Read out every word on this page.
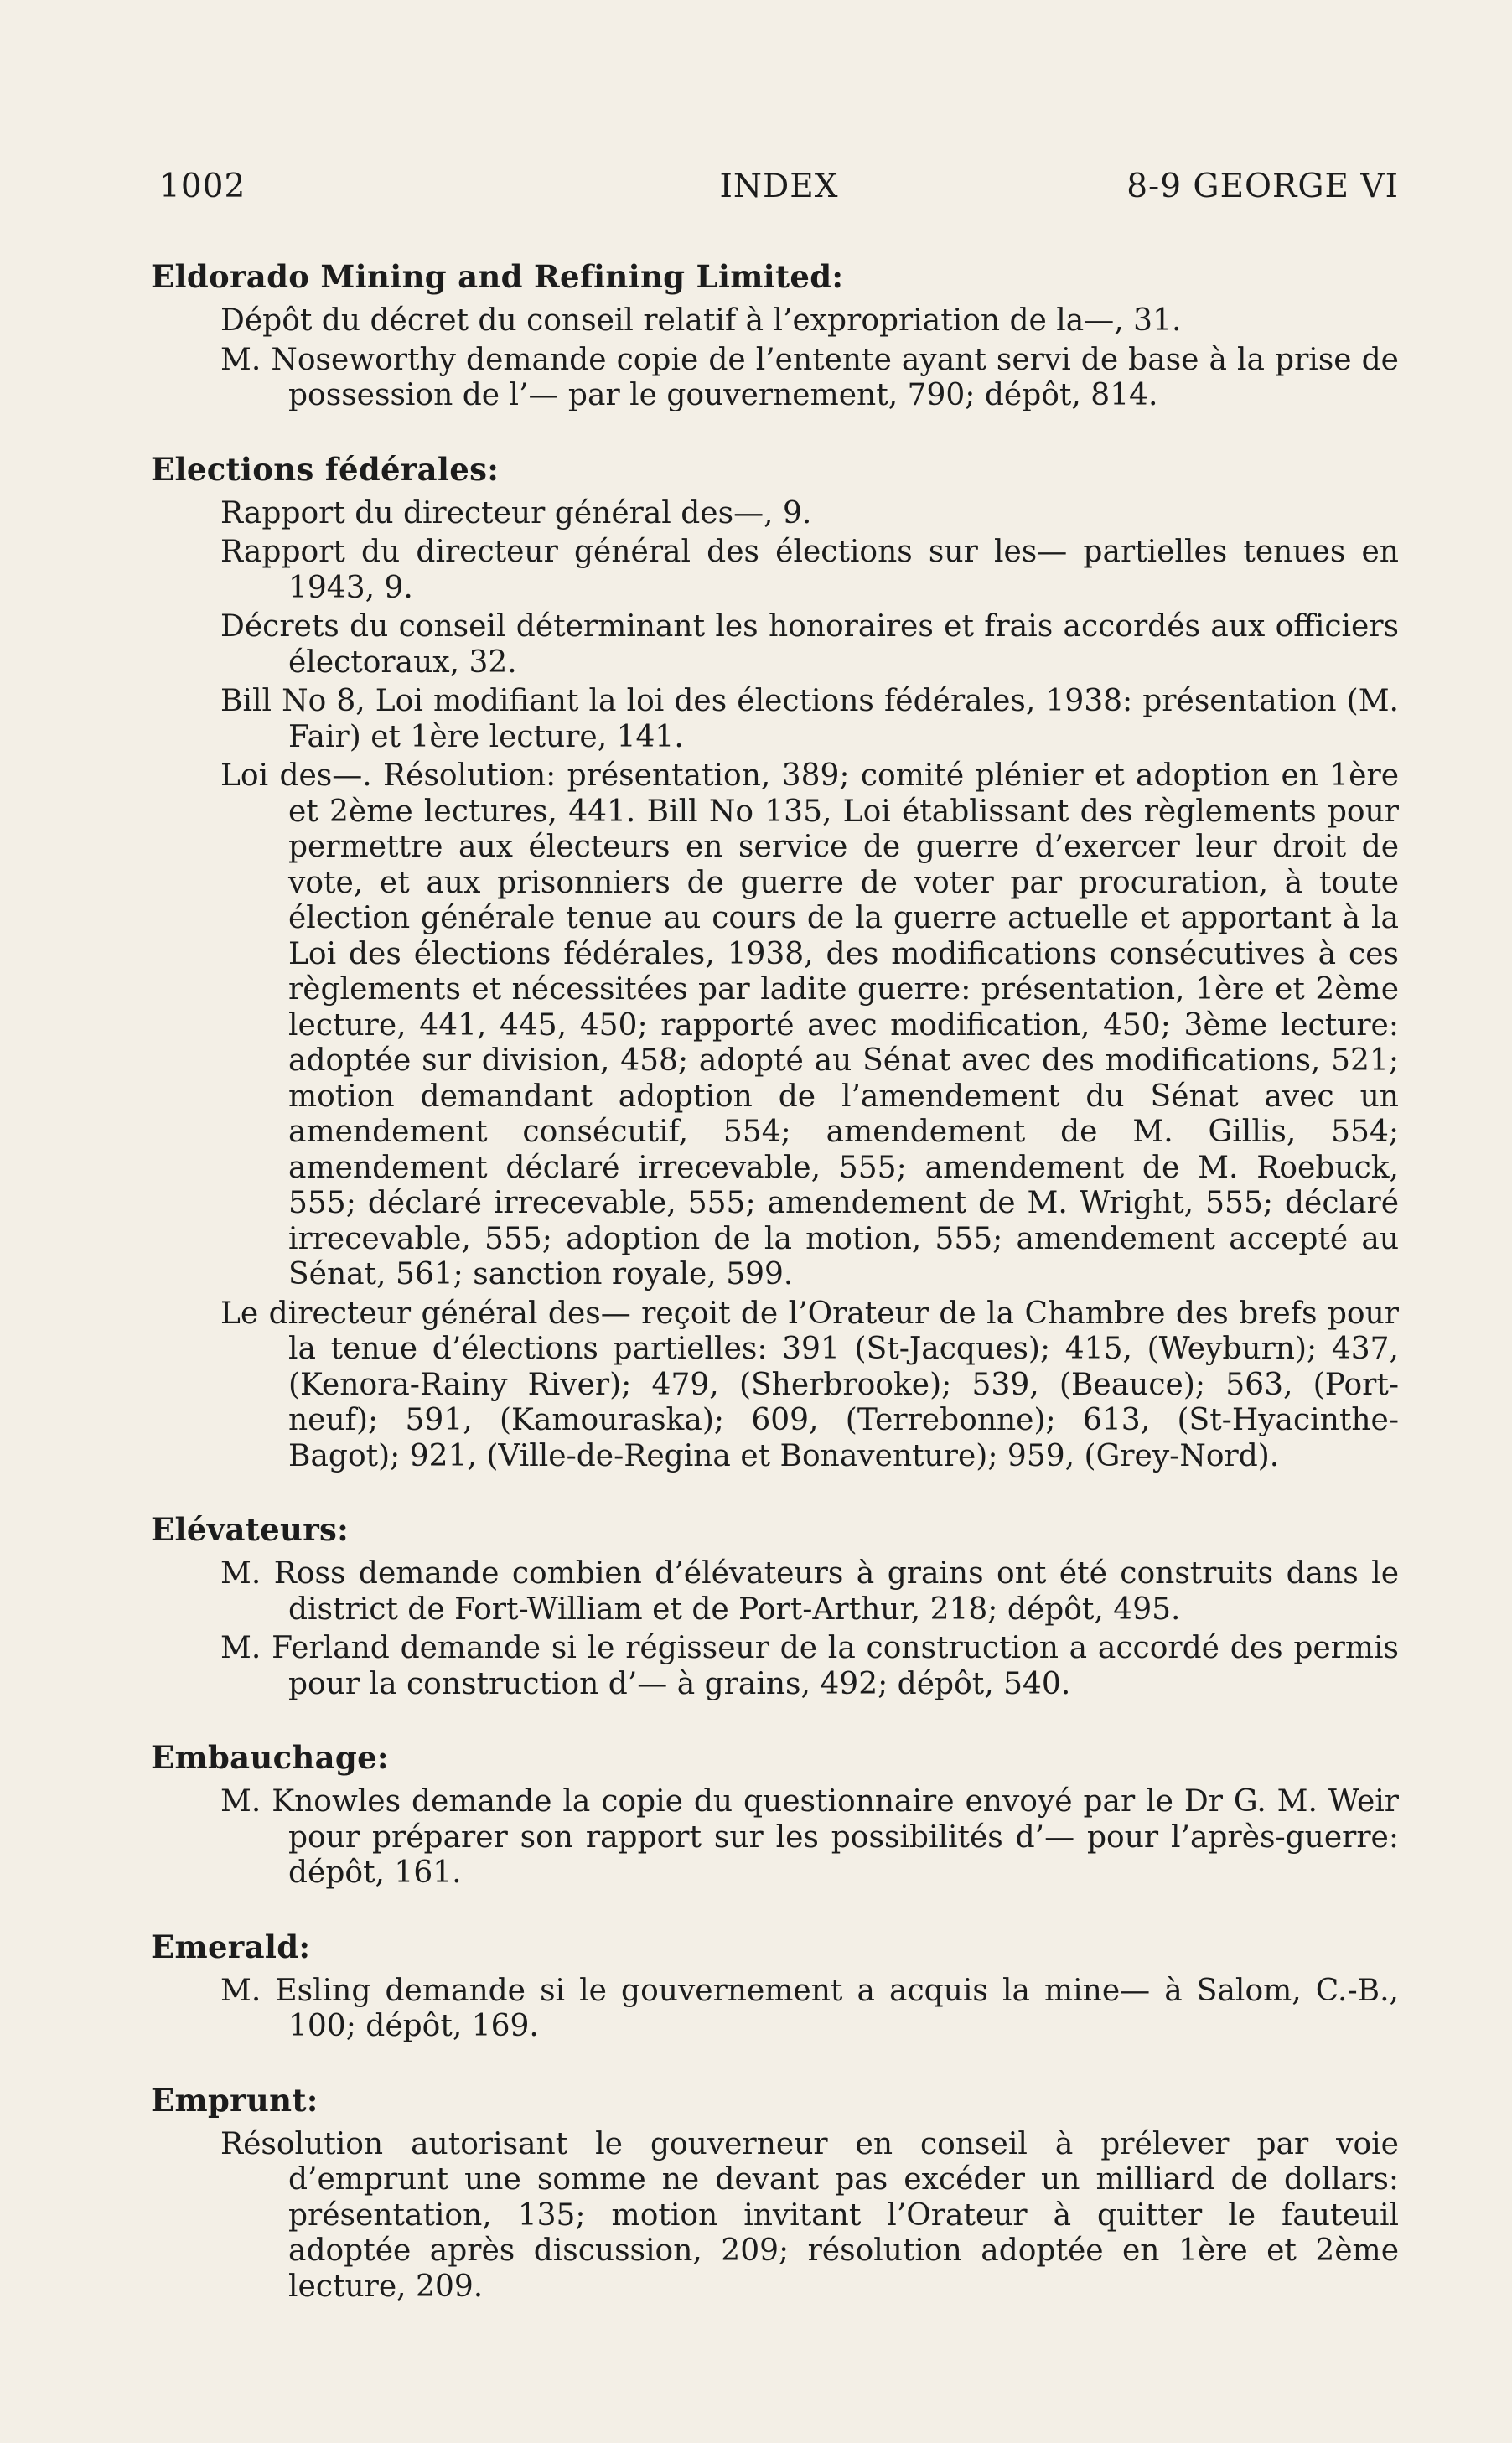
1002	INDEX	8-9 GEORGE VI
Eldorado Mining and Refining Limited:
Dépôt du décret du conseil relatif à l’expropriation de la—, 31.
M. Noseworthy demande copie de l’entente ayant servi de base à la prise de possession de l’— par le gouvernement, 790; dépôt, 814.
Elections fédérales:
Rapport du directeur général des—, 9.
Rapport du directeur général des élections sur les— partielles tenues en 1943, 9.
Décrets du conseil déterminant les honoraires et frais accordés aux officiers électoraux, 32.
Bill No 8, Loi modifiant la loi des élections fédérales, 1938: présentation (M. Fair) et 1ère lecture, 141.
Loi des—. Résolution: présentation, 389; comité plénier et adoption en 1ère et 2ème lectures, 441. Bill No 135, Loi établissant des règlements pour permettre aux électeurs en service de guerre d’exercer leur droit de vote, et aux prisonniers de guerre de voter par procuration, à toute élection générale tenue au cours de la guerre actuelle et apportant à la Loi des élections fédérales, 1938, des modifications consécutives à ces règlements et nécessitées par ladite guerre: présentation, 1ère et 2ème lecture, 441, 445, 450; rapporté avec modification, 450; 3ème lecture: adoptée sur division, 458; adopté au Sénat avec des modifications, 521; motion demandant adoption de l’amendement du Sénat avec un amendement consécutif, 554; amendement de M. Gillis, 554; amendement déclaré irrecevable, 555; amendement de M. Roebuck, 555; déclaré irrecevable, 555; amendement de M. Wright, 555; déclaré irrecevable, 555; adoption de la motion, 555; amendement accepté au Sénat, 561; sanction royale, 599.
Le directeur général des— reçoit de l’Orateur de la Chambre des brefs pour la tenue d’élections partielles: 391 (St-Jacques); 415, (Weyburn); 437, (Kenora-Rainy River); 479, (Sherbrooke); 539, (Beauce); 563, (Port-neuf); 591, (Kamouraska); 609, (Terrebonne); 613, (St-Hyacinthe-Bagot); 921, (Ville-de-Regina et Bonaventure); 959, (Grey-Nord).
Elévateurs:
M. Ross demande combien d’élévateurs à grains ont été construits dans le district de Fort-William et de Port-Arthur, 218; dépôt, 495.
M. Ferland demande si le régisseur de la construction a accordé des permis pour la construction d’— à grains, 492; dépôt, 540.
Embauchage:
M. Knowles demande la copie du questionnaire envoyé par le Dr G. M. Weir pour préparer son rapport sur les possibilités d’— pour l’après-guerre: dépôt, 161.
Emerald:
M. Esling demande si le gouvernement a acquis la mine— à Salom, C.-B., 100; dépôt, 169.
Emprunt:
Résolution autorisant le gouverneur en conseil à prélever par voie d’emprunt une somme ne devant pas excéder un milliard de dollars: présentation, 135; motion invitant l’Orateur à quitter le fauteuil adoptée après discussion, 209; résolution adoptée en 1ère et 2ème lecture, 209.
